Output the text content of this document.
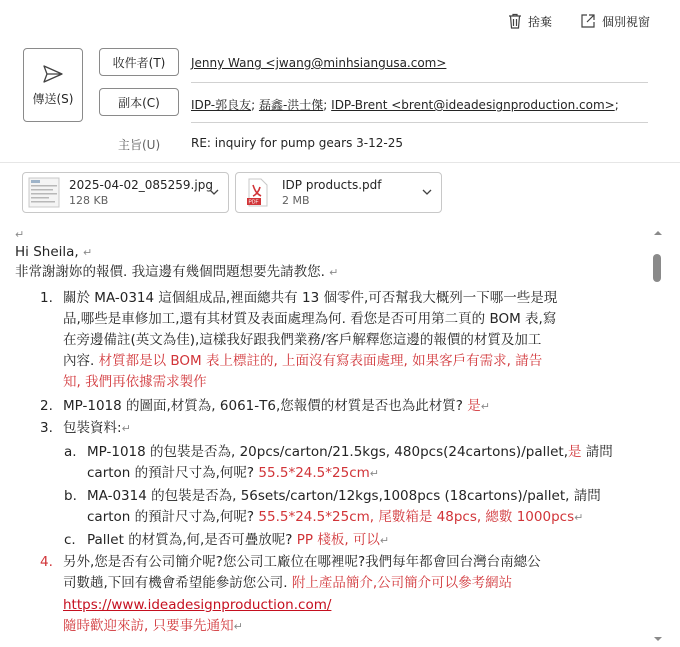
捨棄	個別視窗
傳送(S)
收件者(T)	Jenny Wang <jwang@minhsiangusa.com>
副本(C)	IDP-郭良友; 磊鑫-洪士傑; IDP-Brent <brent@ideadesignproduction.com>;
主旨(U)	RE: inquiry for pump gears 3-12-25
2025-04-02_085259.jpg
128 KB	PDF
IDP products.pdf
2 MB
↵
Hi Sheila, ↵
非常謝謝妳的報價. 我這邊有幾個問題想要先請教您. ↵
1. 關於 MA-0314 這個組成品,裡面總共有 13 個零件,可否幫我大概列一下哪一些是現
品,哪些是車修加工,還有其材質及表面處理為何. 看您是否可用第二頁的 BOM 表,寫
在旁邊備註(英文為佳),這樣我好跟我們業務/客戶解釋您這邊的報價的材質及加工
內容. 材質都是以 BOM 表上標註的, 上面沒有寫表面處理, 如果客戶有需求, 請告
知, 我們再依據需求製作
2. MP-1018 的圖面,材質為, 6061-T6,您報價的材質是否也為此材質? 是↵
3. 包裝資料:↵
a. MP-1018 的包裝是否為, 20pcs/carton/21.5kgs, 480pcs(24cartons)/pallet,是 請問
carton 的預計尺寸為,何呢? 55.5*24.5*25cm↵
b. MA-0314 的包裝是否為, 56sets/carton/12kgs,1008pcs (18cartons)/pallet, 請問
carton 的預計尺寸為,何呢? 55.5*24.5*25cm, 尾數箱是 48pcs, 總數 1000pcs↵
c. Pallet 的材質為,何,是否可疊放呢? PP 棧板, 可以↵
4. 另外,您是否有公司簡介呢?您公司工廠位在哪裡呢?我們每年都會回台灣台南總公
司數趟,下回有機會希望能參訪您公司. 附上產品簡介,公司簡介可以參考網站
https://www.ideadesignproduction.com/
隨時歡迎來訪, 只要事先通知↵
